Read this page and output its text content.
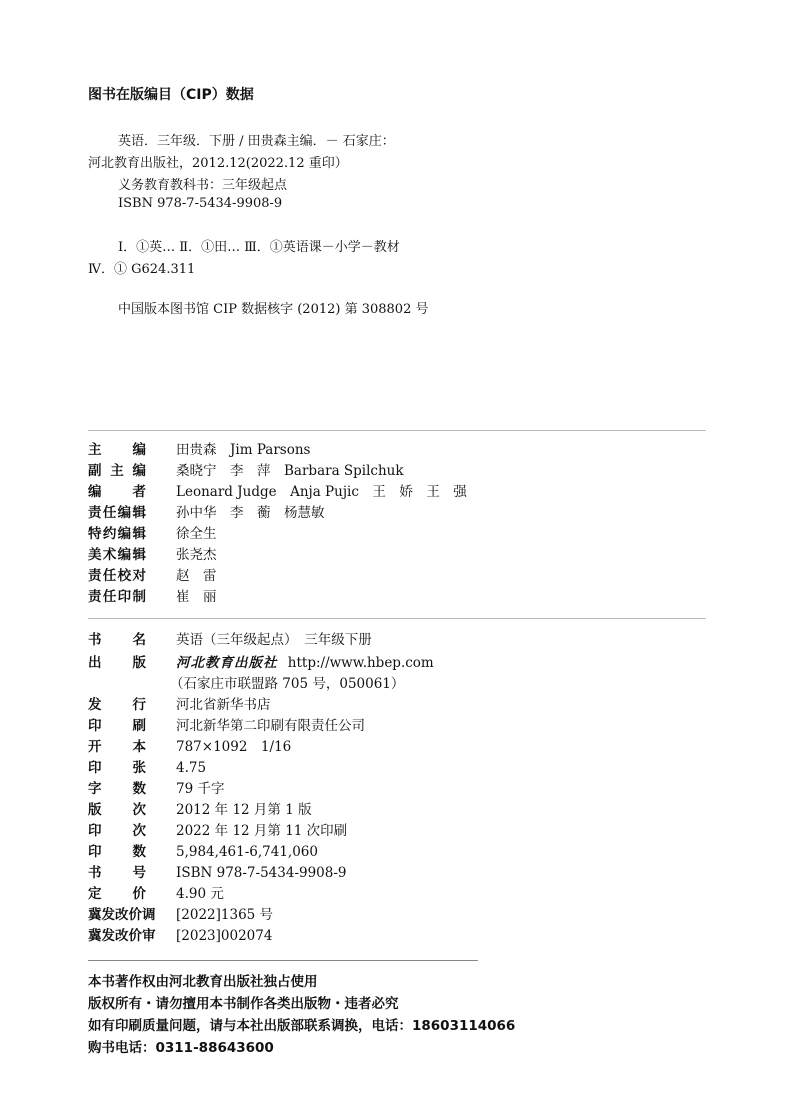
图书在版编目（CIP）数据
英语．三年级．下册 / 田贵森主编．－ 石家庄：
河北教育出版社，2012.12(2022.12 重印）
义务教育教科书：三年级起点
ISBN 978-7-5434-9908-9
Ⅰ．①英… Ⅱ．①田… Ⅲ．①英语课－小学－教材
Ⅳ．① G624.311
中国版本图书馆 CIP 数据核字 (2012) 第 308802 号
主　编 田贵森　Jim Parsons
副主编 桑晓宁　李　萍　Barbara Spilchuk
编　者 Leonard Judge　Anja Pujic　王　娇　王　强
责任编辑 孙中华　李　蘅　杨慧敏
特约编辑 徐全生
美术编辑 张尧杰
责任校对 赵　雷
责任印制 崔　丽
书　名 英语（三年级起点）　三年级下册
出　版 河北教育出版社 http://www.hbep.com
（石家庄市联盟路 705 号，050061）
发　行 河北省新华书店
印　刷 河北新华第二印刷有限责任公司
开　本 787×1092　1/16
印　张 4.75
字　数 79 千字
版　次 2012 年 12 月第 1 版
印　次 2022 年 12 月第 11 次印刷
印　数 5,984,461-6,741,060
书　号 ISBN 978-7-5434-9908-9
定　价 4.90 元
冀发改价调 [2022]1365 号
冀发改价审 [2023]002074
本书著作权由河北教育出版社独占使用
版权所有・请勿擅用本书制作各类出版物・违者必究
如有印刷质量问题，请与本社出版部联系调换，电话：18603114066
购书电话：0311-88643600
